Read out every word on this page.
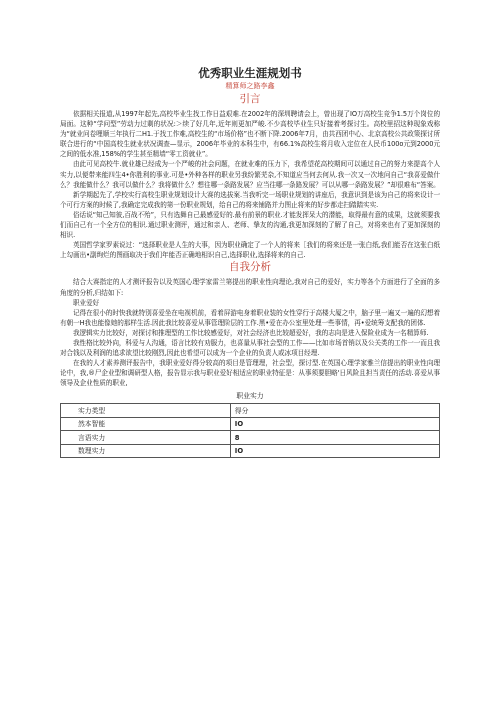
优秀职业生涯规划书
精算师之路李鑫
引言

依据相关报道,从1997年起先,高校毕业生找工作日益艰难.在2002年的深圳聘请会上，曾出现了IO万高校生竞争1.5万个岗位的局面。这种“学问型”劳动力过剩的状况:＞续了好几年,近年则更加严峻.不少高校毕业生只好接着考探讨生。高校里招这种现象戏称为“就业问卷哩顺三年执行二H1.于找工作难,高校生的“市场价格”也不断下降.2006年7月，由共西团中心、北京高校公共政策探讨所联合进行的“中国高校生就业状况调查—显示，2006年毕业的本科生中，有66.1%高校生将月收入定位在人民币100o元到2000元之间的低水准,158%的学生甚至精墙“零工资就业”。

由此可见高校牛.就业雄已经成为一个严峻的社会问题，在就业难的压力下，我希望花高校期间可以通过自己的努力来提高个人实力,以便带来能四生4•你胜利的事业.可是•外种各样的职业另我纷繁芜杂,不知道应当何去何从.我一次又一次地问自己“我喜爱做什么？我能做什么？我可以做什么？我将做什么？想往哪一条路发展？应当往哪一条路发展？可以从哪一条路发展？”却很难布“答案。

新学期起先了,学校实行高校生职业规划设计大赛的选拔案.当我听完一场职业规划的讲座后，我意识到是该为自己的将来设计一个可行方案的时候了,我确定完成我的第一份职业规划，给自己的将来铺路并力图止将来的好步都走扫踏踏实实.

俗话说“知己知彼,百战不殆”，只有选舞自己最感爱好的.最有前景的职业.才能发挥呆大的潜能，取得最有意的成果，这就须要我们而自己有一个全方位的相识.通过职业测评，通过和亲人、老师、挚友的沟通,我更加深刻的了解了自己，对将来也有了更加深刻的相识.

英国哲学家罗素说过：“选择职业是人生的大事，因为职业确定了一个人的将来［我们的将来还是一张白纸,我们能否在这张白纸上勾画出•副绚烂的图画取决于我们年能否正确地相识自己,选择职业,选择将来的自己.

自我分析

结合大赛指定的人才测评报告以及英国心理学家雷兰第提出的职业性向理论,我对自己的爱好，实力等各个方面进行了全面的多角度的分析,归结如下:

职业爱好

记得在很小的时快我就特别喜爱坐在电视机前，看着屏游电身着职业装的女性穿行于高楼大厦之中，脑子里一遍又一遍的幻想着有朝一H我也能像她的那样生活.因此我比较喜爱从事管理阶层的工作.黑•爱在办公室里处理一些事情，再•爱统筹支配我的团体.

我逻辑实力比较好，对探讨和推理型的工作比较感爱好，对社会经济也比较超爱好，我的志向是进入保险业成为一名精算师.

我性格比较外向，科爱与人沟通，语言比较有劝服力，也喜量从事社会型的工作——比如市场首销以及公关类的工作一一而且我对合钱以及利润的追求欲望比较刚烈,因此也希望可以成为一个企业的负责人或冰项目经理.

在我的人才素养测评报告中，我职业爱好得分较高的项目是管理理，社会型，探讨型.在英国心理学家雅兰信提出的职业性向理论中，我,®尸企业型和调研型人格，报告显示我与职业爱好相适应的职业特征是：从事须要胆略'日风险且担当责任的活动.喜爱从事领导及企业性质的职业,

职业实力
实力类型	得分
然本智能	IO
言语实力	8
数理实力	IO
